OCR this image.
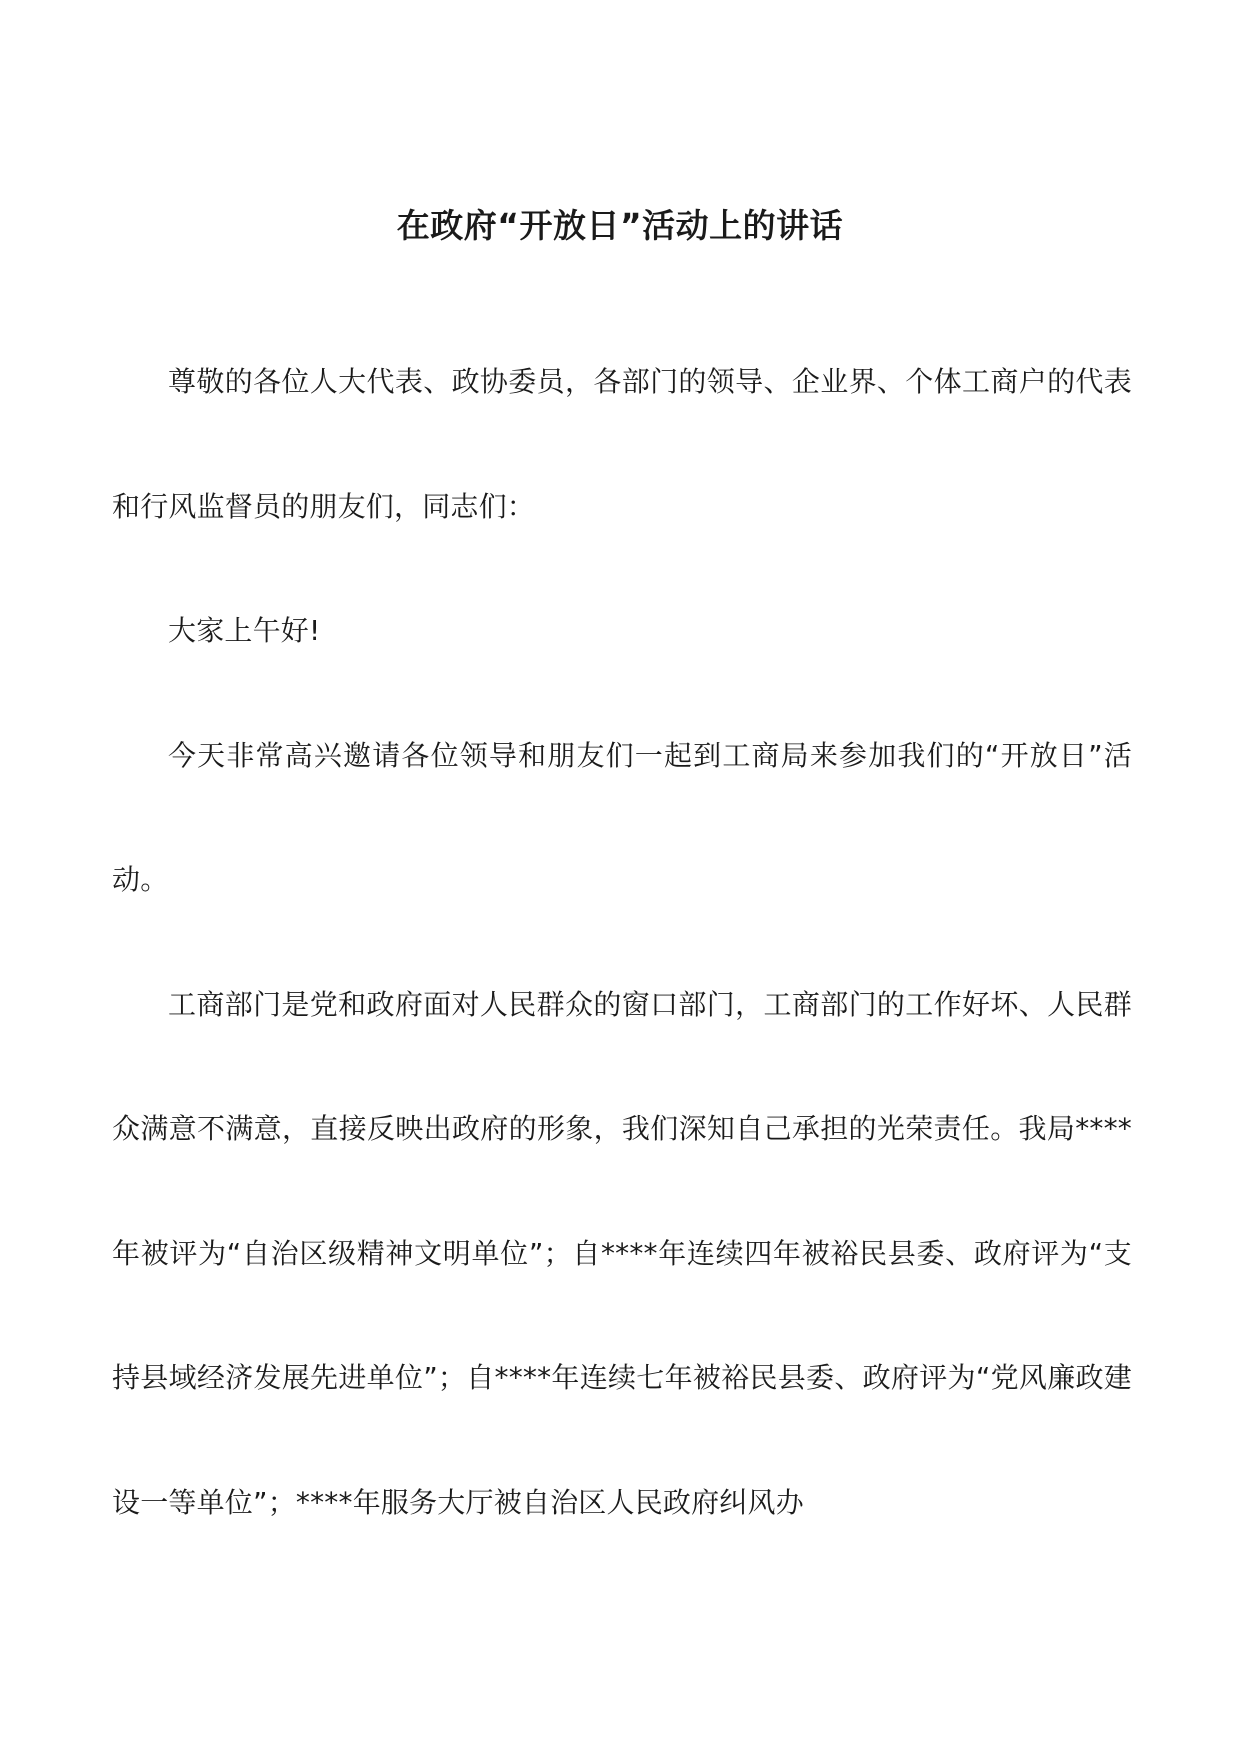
在政府“开放日”活动上的讲话

尊敬的各位人大代表、政协委员，各部门的领导、企业界、个体工商户的代表和行风监督员的朋友们，同志们：

大家上午好!

今天非常高兴邀请各位领导和朋友们一起到工商局来参加我们的“开放日”活动。

工商部门是党和政府面对人民群众的窗口部门，工商部门的工作好坏、人民群众满意不满意，直接反映出政府的形象，我们深知自己承担的光荣责任。我局****年被评为“自治区级精神文明单位”；自****年连续四年被裕民县委、政府评为“支持县域经济发展先进单位”；自****年连续七年被裕民县委、政府评为“党风廉政建设一等单位”；****年服务大厅被自治区人民政府纠风办
